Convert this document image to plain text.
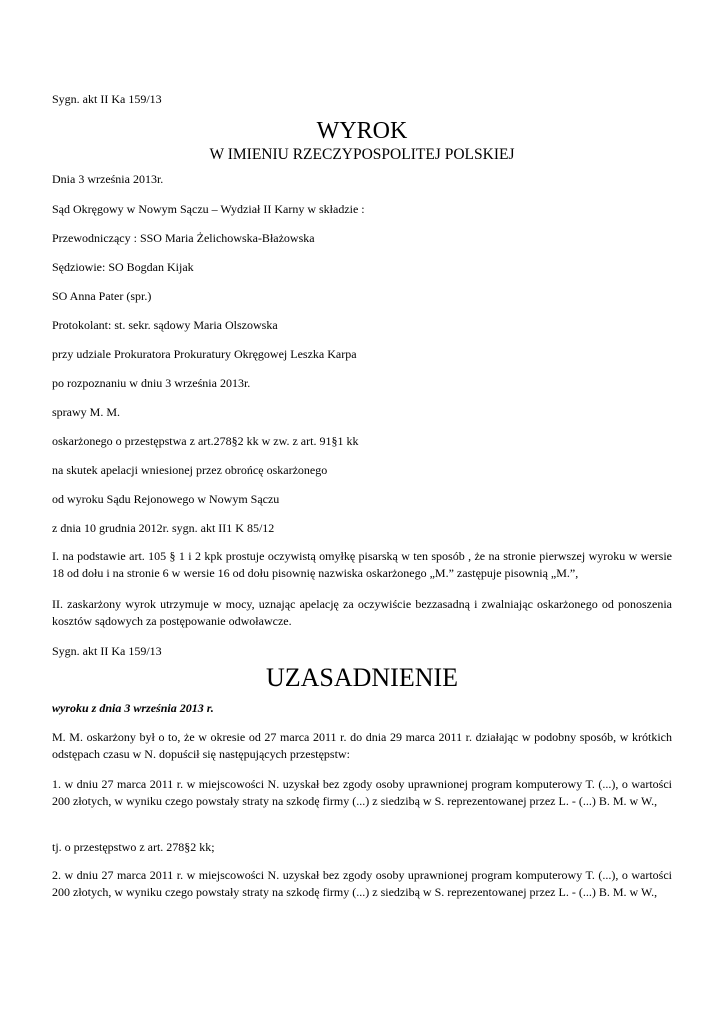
Sygn. akt II Ka 159/13

WYROK
W IMIENIU RZECZYPOSPOLITEJ POLSKIEJ

Dnia 3 września 2013r.

Sąd Okręgowy w Nowym Sączu – Wydział II Karny w składzie :

Przewodniczący : SSO Maria Żelichowska-Błażowska

Sędziowie: SO Bogdan Kijak

SO Anna Pater (spr.)

Protokolant: st. sekr. sądowy Maria Olszowska

przy udziale Prokuratora Prokuratury Okręgowej Leszka Karpa

po rozpoznaniu w dniu 3 września 2013r.

sprawy M. M.

oskarżonego o przestępstwa z art.278§2 kk w zw. z art. 91§1 kk

na skutek apelacji wniesionej przez obrońcę oskarżonego

od wyroku Sądu Rejonowego w Nowym Sączu

z dnia 10 grudnia 2012r. sygn. akt II1 K 85/12

I. na podstawie art. 105 § 1 i 2 kpk prostuje oczywistą omyłkę pisarską w ten sposób , że na stronie pierwszej wyroku w wersie 18 od dołu i na stronie 6 w wersie 16 od dołu pisownię nazwiska oskarżonego „M.” zastępuje pisownią „M.”,

II. zaskarżony wyrok utrzymuje w mocy, uznając apelację za oczywiście bezzasadną i zwalniając oskarżonego od ponoszenia kosztów sądowych za postępowanie odwoławcze.

Sygn. akt II Ka 159/13

UZASADNIENIE

wyroku z dnia 3 września 2013 r.

M. M. oskarżony był o to, że w okresie od 27 marca 2011 r. do dnia 29 marca 2011 r. działając w podobny sposób, w krótkich odstępach czasu w N. dopuścił się następujących przestępstw:

1. w dniu 27 marca 2011 r. w miejscowości N. uzyskał bez zgody osoby uprawnionej program komputerowy T. (...), o wartości 200 złotych, w wyniku czego powstały straty na szkodę firmy (...) z siedzibą w S. reprezentowanej przez L. - (...) B. M. w W.,

tj. o przestępstwo z art. 278§2 kk;

2. w dniu 27 marca 2011 r. w miejscowości N. uzyskał bez zgody osoby uprawnionej program komputerowy T. (...), o wartości 200 złotych, w wyniku czego powstały straty na szkodę firmy (...) z siedzibą w S. reprezentowanej przez L. - (...) B. M. w W.,
